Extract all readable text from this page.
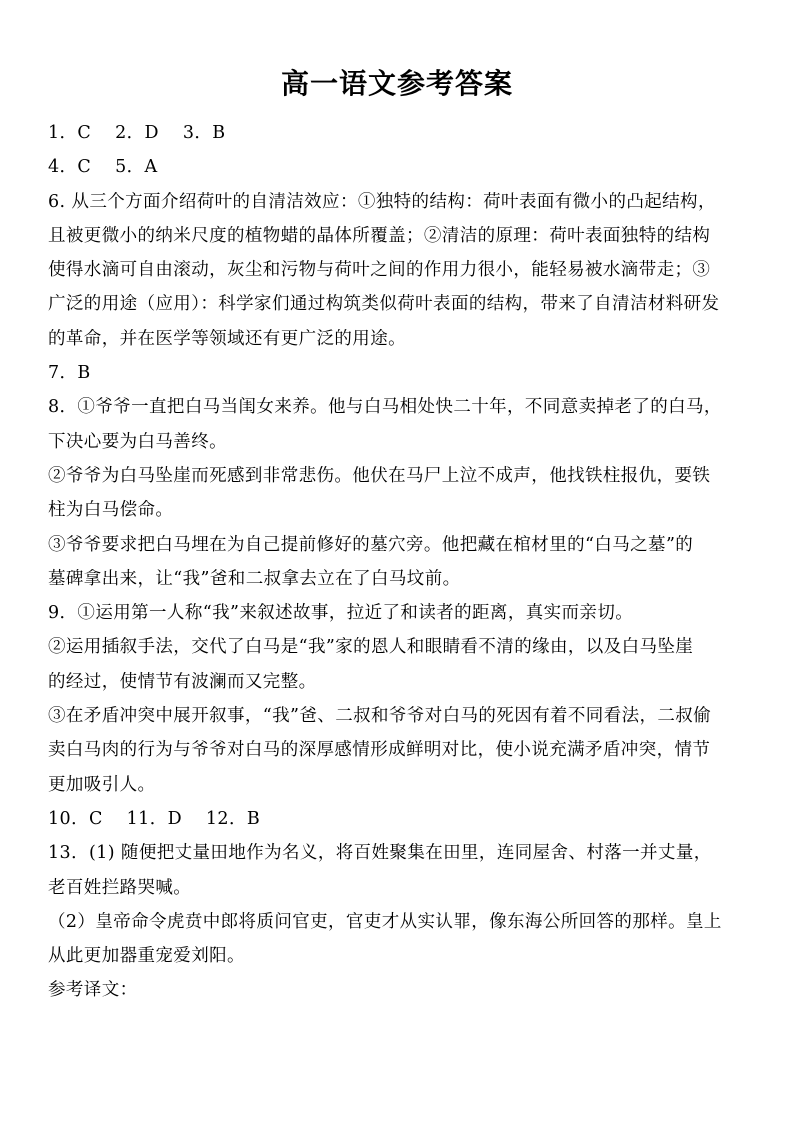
高一语文参考答案
1．C　 2．D　 3．B
4．C　 5．A
6. 从三个方面介绍荷叶的自清洁效应：①独特的结构：荷叶表面有微小的凸起结构，
且被更微小的纳米尺度的植物蜡的晶体所覆盖；②清洁的原理：荷叶表面独特的结构
使得水滴可自由滚动，灰尘和污物与荷叶之间的作用力很小，能轻易被水滴带走；③
广泛的用途（应用）：科学家们通过构筑类似荷叶表面的结构，带来了自清洁材料研发
的革命，并在医学等领域还有更广泛的用途。
7．B
8．①爷爷一直把白马当闺女来养。他与白马相处快二十年，不同意卖掉老了的白马，
下决心要为白马善终。
②爷爷为白马坠崖而死感到非常悲伤。他伏在马尸上泣不成声，他找铁柱报仇，要铁
柱为白马偿命。
③爷爷要求把白马埋在为自己提前修好的墓穴旁。他把藏在棺材里的“白马之墓”的
墓碑拿出来，让“我”爸和二叔拿去立在了白马坟前。
9．①运用第一人称“我”来叙述故事，拉近了和读者的距离，真实而亲切。
②运用插叙手法，交代了白马是“我”家的恩人和眼睛看不清的缘由，以及白马坠崖
的经过，使情节有波澜而又完整。
③在矛盾冲突中展开叙事，“我”爸、二叔和爷爷对白马的死因有着不同看法，二叔偷
卖白马肉的行为与爷爷对白马的深厚感情形成鲜明对比，使小说充满矛盾冲突，情节
更加吸引人。
10．C　 11．D　 12．B
13．(1) 随便把丈量田地作为名义，将百姓聚集在田里，连同屋舍、村落一并丈量，
老百姓拦路哭喊。
（2）皇帝命令虎贲中郎将质问官吏，官吏才从实认罪，像东海公所回答的那样。皇上
从此更加器重宠爱刘阳。
参考译文：
